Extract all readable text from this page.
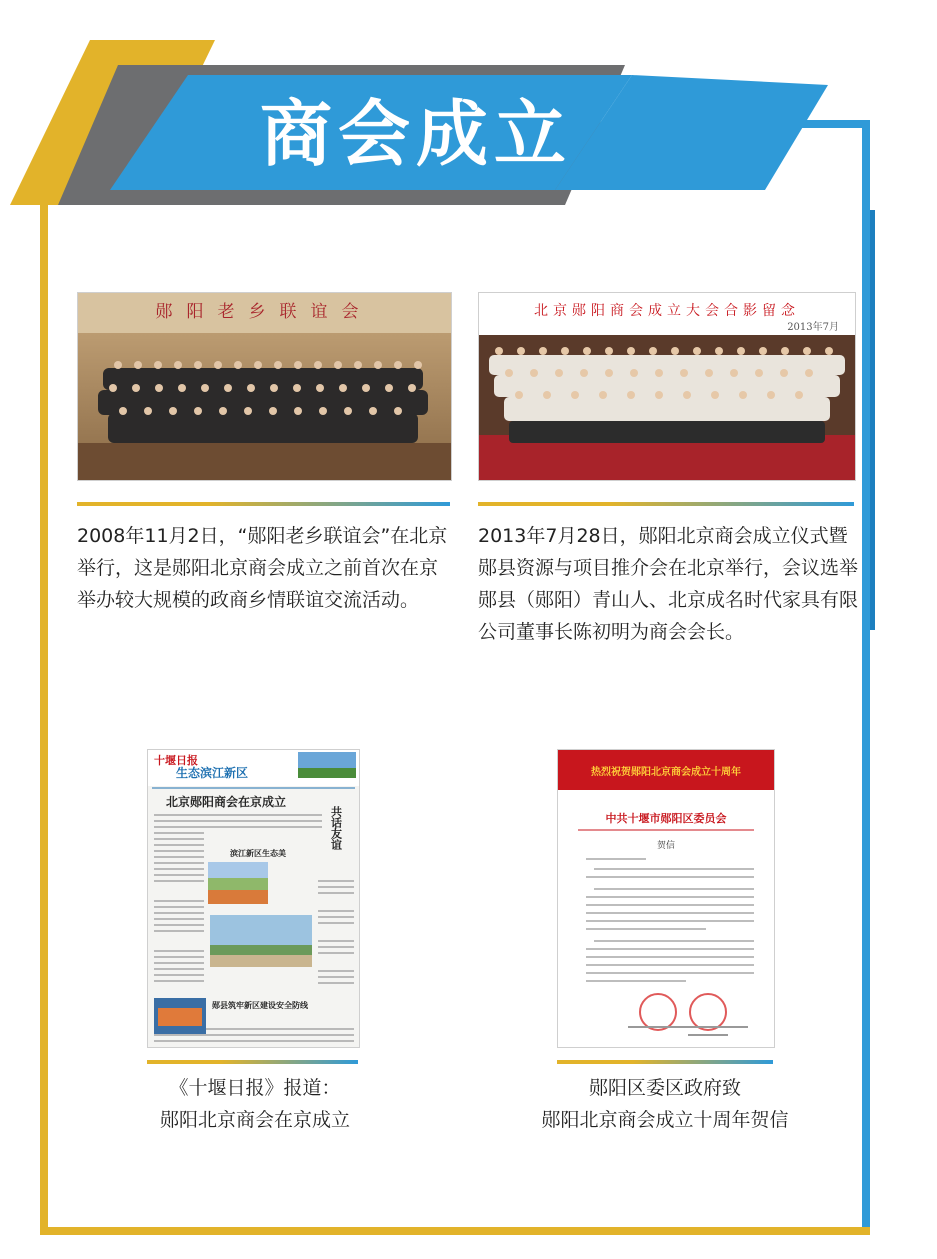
商会成立
郧阳老乡联谊会
2008年11月2日，“郧阳老乡联谊会”在北京举行，这是郧阳北京商会成立之前首次在京举办较大规模的政商乡情联谊交流活动。
北京郧阳商会成立大会合影留念
2013年7月
2013年7月28日，郧阳北京商会成立仪式暨郧县资源与项目推介会在北京举行，会议选举郧县（郧阳）青山人、北京成名时代家具有限公司董事长陈初明为商会会长。
十堰日报
生态滨江新区
北京郧阳商会在京成立
共话友谊
滨江新区生态美
郧县筑牢新区建设安全防线
《十堰日报》报道：
郧阳北京商会在京成立
热烈祝贺郧阳北京商会成立十周年
中共十堰市郧阳区委员会
贺信
郧阳区委区政府致
郧阳北京商会成立十周年贺信
